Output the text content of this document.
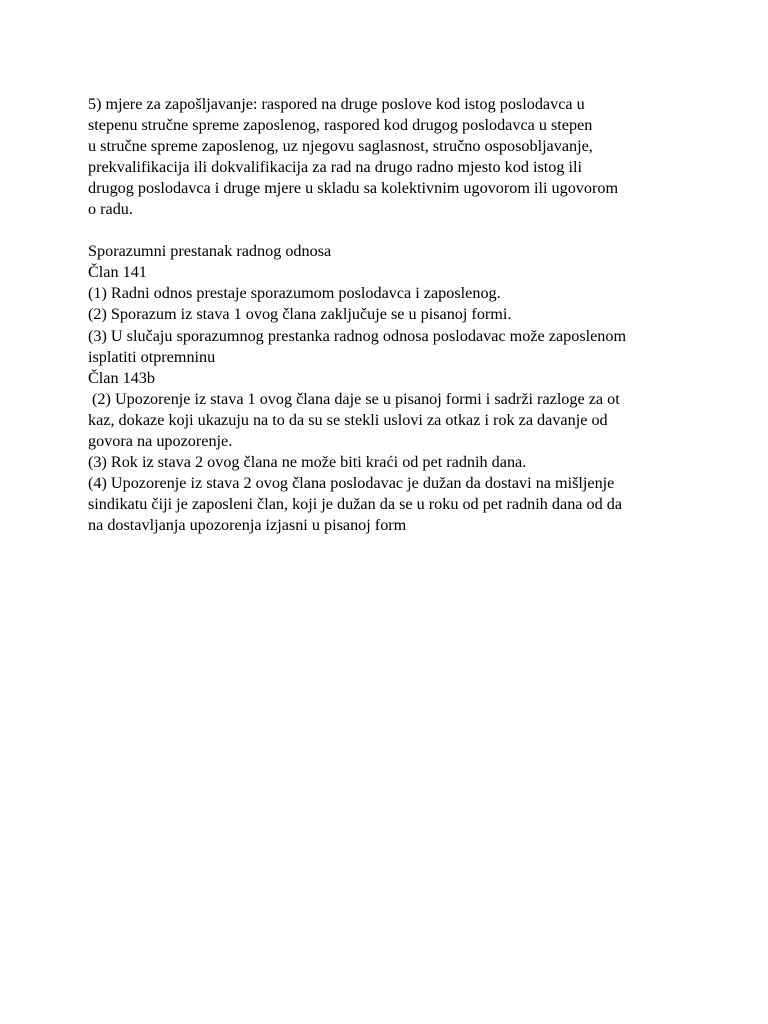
5) mjere za zapošljavanje: raspored na druge poslove kod istog poslodavca u
stepenu stručne spreme zaposlenog, raspored kod drugog poslodavca u stepen
u stručne spreme zaposlenog, uz njegovu saglasnost, stručno osposobljavanje,
prekvalifikacija ili dokvalifikacija za rad na drugo radno mjesto kod istog ili
drugog poslodavca i druge mjere u skladu sa kolektivnim ugovorom ili ugovorom
o radu.
Sporazumni prestanak radnog odnosa
Član 141
(1) Radni odnos prestaje sporazumom poslodavca i zaposlenog.
(2) Sporazum iz stava 1 ovog člana zaključuje se u pisanoj formi.
(3) U slučaju sporazumnog prestanka radnog odnosa poslodavac može zaposlenom
isplatiti otpremninu
Član 143b
(2) Upozorenje iz stava 1 ovog člana daje se u pisanoj formi i sadrži razloge za ot
kaz, dokaze koji ukazuju na to da su se stekli uslovi za otkaz i rok za davanje od
govora na upozorenje.
(3) Rok iz stava 2 ovog člana ne može biti kraći od pet radnih dana.
(4) Upozorenje iz stava 2 ovog člana poslodavac je dužan da dostavi na mišljenje
sindikatu čiji je zaposleni član, koji je dužan da se u roku od pet radnih dana od da
na dostavljanja upozorenja izjasni u pisanoj form
